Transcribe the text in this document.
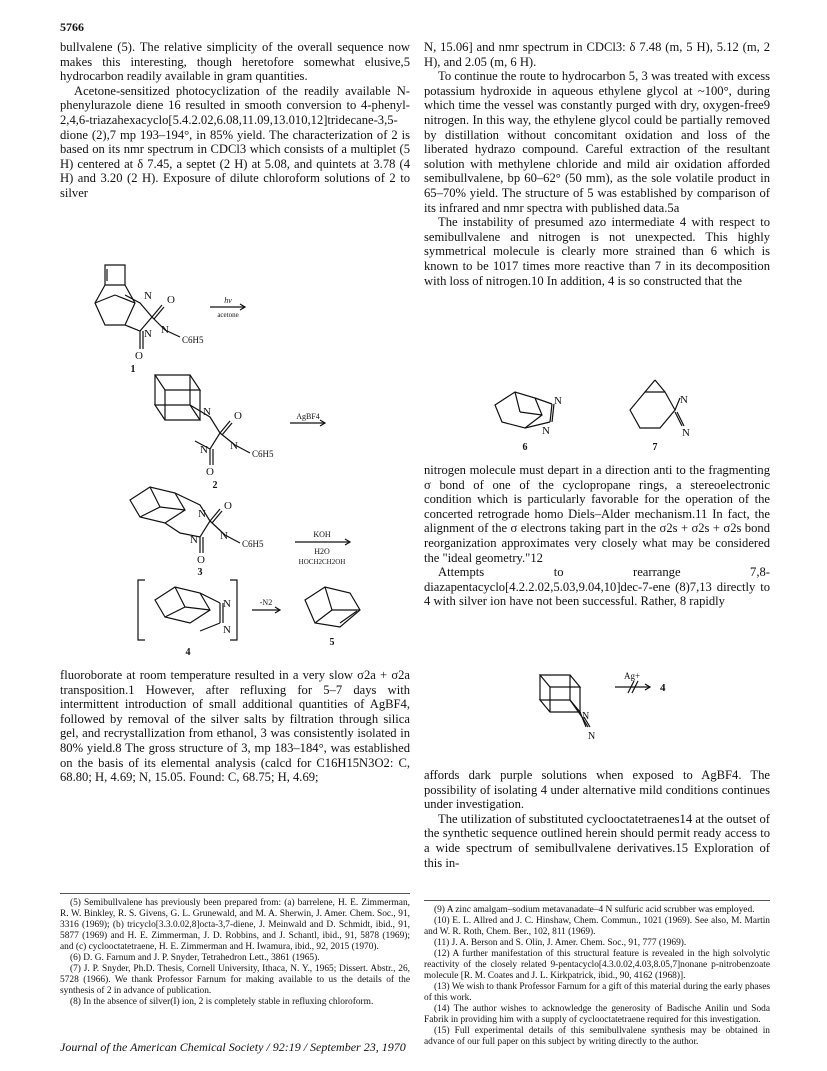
5766

bullvalene (5). The relative simplicity of the overall sequence now makes this interesting, though heretofore somewhat elusive,5 hydrocarbon readily available in gram quantities.

Acetone-sensitized photocyclization of the readily available N-phenylurazole diene 16 resulted in smooth conversion to 4-phenyl-2,4,6-triazahexacyclo[5.4.2.02,6.08,11.09,13.010,12]tridecane-3,5-dione (2),7 mp 193–194°, in 85% yield. The characterization of 2 is based on its nmr spectrum in CDCl3 which consists of a multiplet (5 H) centered at δ 7.45, a septet (2 H) at 5.08, and quintets at 3.78 (4 H) and 3.20 (2 H). Exposure of dilute chloroform solutions of 2 to silver

N O
N N
C6H5
O
N O
N N
C6H5
O
N
O
N N
C6H5
O
N
N
hν
acetone
AgBF4
KOH
H2O
HOCH2CH2OH
-N2
1
2
3
4
5

fluoroborate at room temperature resulted in a very slow σ2a + σ2a transposition.1 However, after refluxing for 5–7 days with intermittent introduction of small additional quantities of AgBF4, followed by removal of the silver salts by filtration through silica gel, and recrystallization from ethanol, 3 was consistently isolated in 80% yield.8 The gross structure of 3, mp 183–184°, was established on the basis of its elemental analysis (calcd for C16H15N3O2: C, 68.80; H, 4.69; N, 15.05. Found: C, 68.75; H, 4.69;

(5) Semibullvalene has previously been prepared from: (a) barrelene, H. E. Zimmerman, R. W. Binkley, R. S. Givens, G. L. Grunewald, and M. A. Sherwin, J. Amer. Chem. Soc., 91, 3316 (1969); (b) tricyclo[3.3.0.02,8]octa-3,7-diene, J. Meinwald and D. Schmidt, ibid., 91, 5877 (1969) and H. E. Zimmerman, J. D. Robbins, and J. Schantl, ibid., 91, 5878 (1969); and (c) cyclooctatetraene, H. E. Zimmerman and H. Iwamura, ibid., 92, 2015 (1970).

(6) D. G. Farnum and J. P. Snyder, Tetrahedron Lett., 3861 (1965).

(7) J. P. Snyder, Ph.D. Thesis, Cornell University, Ithaca, N. Y., 1965; Dissert. Abstr., 26, 5728 (1966). We thank Professor Farnum for making available to us the details of the synthesis of 2 in advance of publication.

(8) In the absence of silver(I) ion, 2 is completely stable in refluxing chloroform.

N, 15.06] and nmr spectrum in CDCl3: δ 7.48 (m, 5 H), 5.12 (m, 2 H), and 2.05 (m, 6 H).

To continue the route to hydrocarbon 5, 3 was treated with excess potassium hydroxide in aqueous ethylene glycol at ~100°, during which time the vessel was constantly purged with dry, oxygen-free9 nitrogen. In this way, the ethylene glycol could be partially removed by distillation without concomitant oxidation and loss of the liberated hydrazo compound. Careful extraction of the resultant solution with methylene chloride and mild air oxidation afforded semibullvalene, bp 60–62° (50 mm), as the sole volatile product in 65–70% yield. The structure of 5 was established by comparison of its infrared and nmr spectra with published data.5a

The instability of presumed azo intermediate 4 with respect to semibullvalene and nitrogen is not unexpected. This highly symmetrical molecule is clearly more strained than 6 which is known to be 1017 times more reactive than 7 in its decomposition with loss of nitrogen.10 In addition, 4 is so constructed that the

N
N
N
N
6	7

nitrogen molecule must depart in a direction anti to the fragmenting σ bond of one of the cyclopropane rings, a stereoelectronic condition which is particularly favorable for the operation of the concerted retrograde homo Diels–Alder mechanism.11 In fact, the alignment of the σ electrons taking part in the σ2s + σ2s + σ2s bond reorganization approximates very closely what may be considered the "ideal geometry."12

Attempts to rearrange 7,8-diazapentacyclo[4.2.2.02,5.03,9.04,10]dec-7-ene (8)7,13 directly to 4 with silver ion have not been successful. Rather, 8 rapidly

N
N
Ag+
4

affords dark purple solutions when exposed to AgBF4. The possibility of isolating 4 under alternative mild conditions continues under investigation.

The utilization of substituted cyclooctatetraenes14 at the outset of the synthetic sequence outlined herein should permit ready access to a wide spectrum of semibullvalene derivatives.15 Exploration of this in-

(9) A zinc amalgam–sodium metavanadate–4 N sulfuric acid scrubber was employed.

(10) E. L. Allred and J. C. Hinshaw, Chem. Commun., 1021 (1969). See also, M. Martin and W. R. Roth, Chem. Ber., 102, 811 (1969).

(11) J. A. Berson and S. Olin, J. Amer. Chem. Soc., 91, 777 (1969).

(12) A further manifestation of this structural feature is revealed in the high solvolytic reactivity of the closely related 9-pentacyclo[4.3.0.02,4.03,8.05,7]nonane p-nitrobenzoate molecule [R. M. Coates and J. L. Kirkpatrick, ibid., 90, 4162 (1968)].

(13) We wish to thank Professor Farnum for a gift of this material during the early phases of this work.

(14) The author wishes to acknowledge the generosity of Badische Anilin und Soda Fabrik in providing him with a supply of cyclooctatetraene required for this investigation.

(15) Full experimental details of this semibullvalene synthesis may be obtained in advance of our full paper on this subject by writing directly to the author.

Journal of the American Chemical Society / 92:19 / September 23, 1970
